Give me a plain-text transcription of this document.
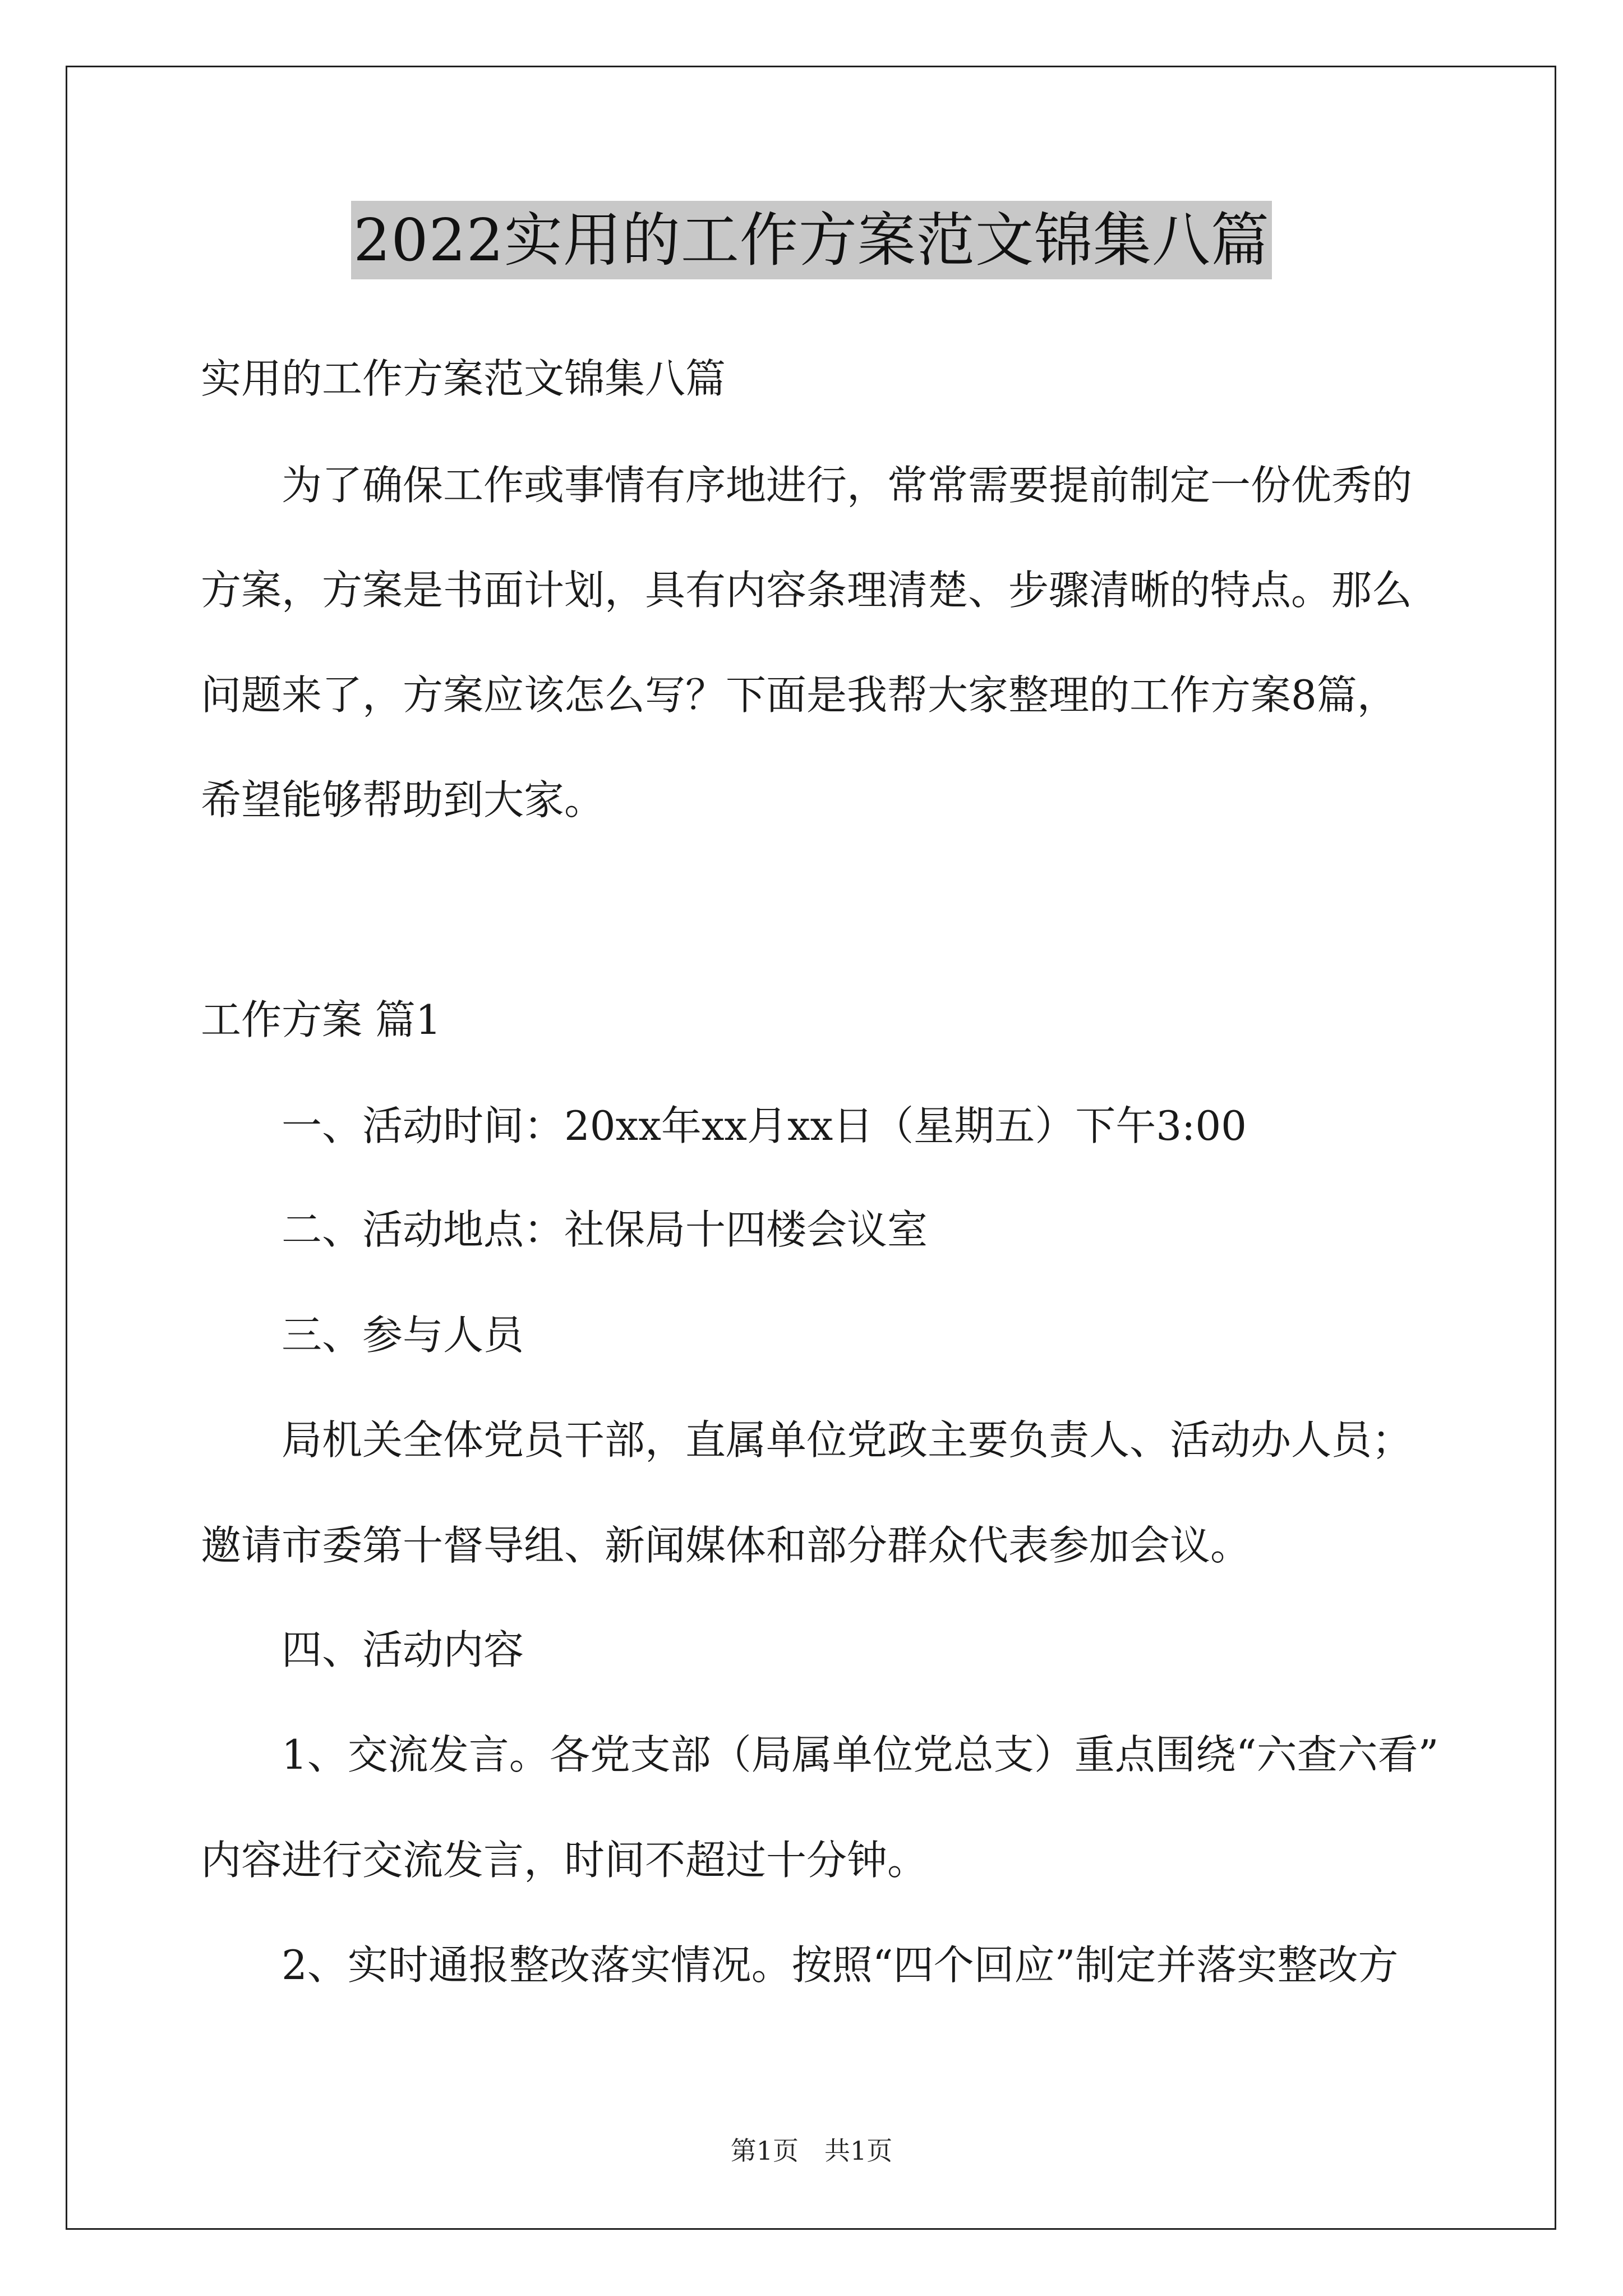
2022实用的工作方案范文锦集八篇
实用的工作方案范文锦集八篇
为了确保工作或事情有序地进行，常常需要提前制定一份优秀的
方案，方案是书面计划，具有内容条理清楚、步骤清晰的特点。那么
问题来了，方案应该怎么写？下面是我帮大家整理的工作方案8篇，
希望能够帮助到大家。
工作方案 篇1
一、活动时间：20xx年xx月xx日（星期五）下午3:00
二、活动地点：社保局十四楼会议室
三、参与人员
局机关全体党员干部，直属单位党政主要负责人、活动办人员；
邀请市委第十督导组、新闻媒体和部分群众代表参加会议。
四、活动内容
1、交流发言。各党支部（局属单位党总支）重点围绕“六查六看”
内容进行交流发言，时间不超过十分钟。
2、实时通报整改落实情况。按照“四个回应”制定并落实整改方
第1页　共1页
